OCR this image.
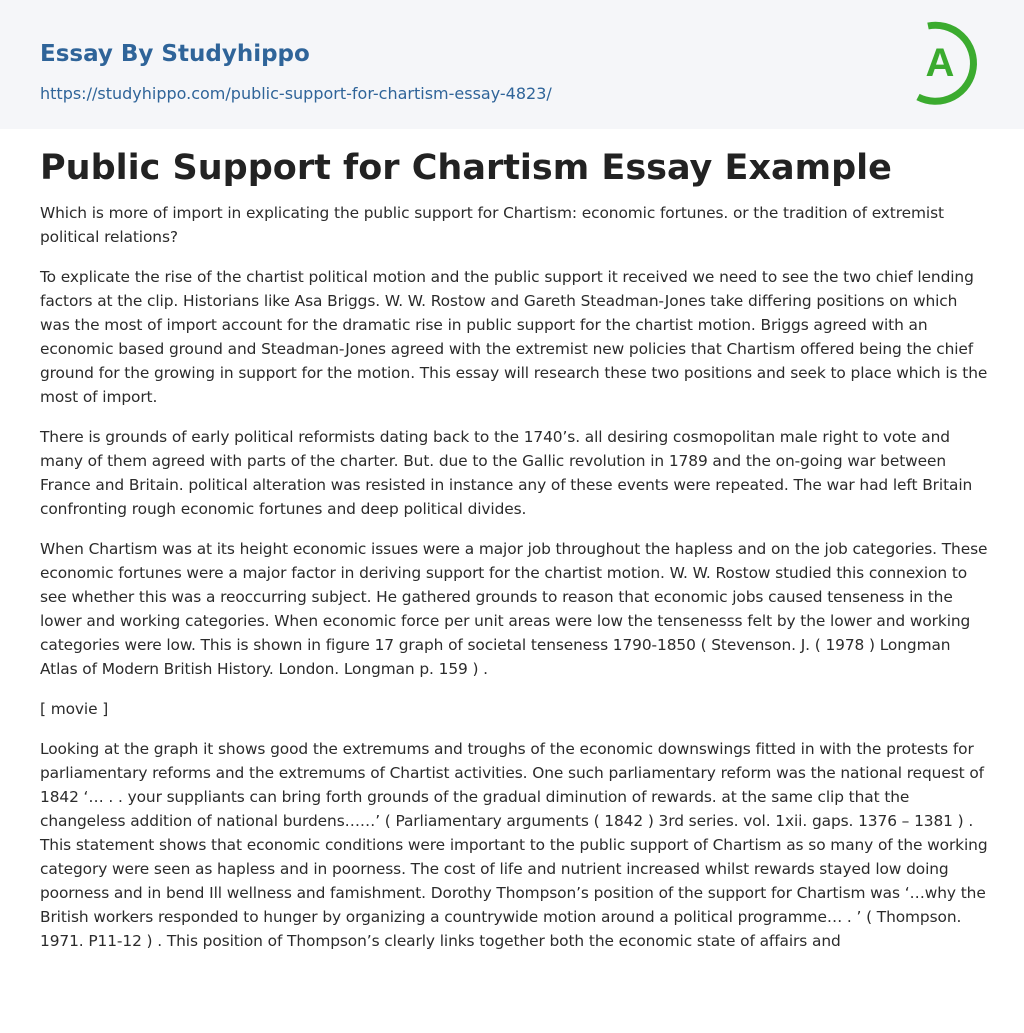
Essay By Studyhippo
https://studyhippo.com/public-support-for-chartism-essay-4823/
A
Public Support for Chartism Essay Example

Which is more of import in explicating the public support for Chartism: economic fortunes. or the tradition of extremist political relations?

To explicate the rise of the chartist political motion and the public support it received we need to see the two chief lending factors at the clip. Historians like Asa Briggs. W. W. Rostow and Gareth Steadman-Jones take differing positions on which was the most of import account for the dramatic rise in public support for the chartist motion. Briggs agreed with an economic based ground and Steadman-Jones agreed with the extremist new policies that Chartism offered being the chief ground for the growing in support for the motion. This essay will research these two positions and seek to place which is the most of import.

There is grounds of early political reformists dating back to the 1740’s. all desiring cosmopolitan male right to vote and many of them agreed with parts of the charter. But. due to the Gallic revolution in 1789 and the on-going war between France and Britain. political alteration was resisted in instance any of these events were repeated. The war had left Britain confronting rough economic fortunes and deep political divides.

When Chartism was at its height economic issues were a major job throughout the hapless and on the job categories. These economic fortunes were a major factor in deriving support for the chartist motion. W. W. Rostow studied this connexion to see whether this was a reoccurring subject. He gathered grounds to reason that economic jobs caused tenseness in the lower and working categories. When economic force per unit areas were low the tensenesss felt by the lower and working categories were low. This is shown in figure 17 graph of societal tenseness 1790-1850 ( Stevenson. J. ( 1978 ) Longman Atlas of Modern British History. London. Longman p. 159 ) .

[ movie ]

Looking at the graph it shows good the extremums and troughs of the economic downswings fitted in with the protests for parliamentary reforms and the extremums of Chartist activities. One such parliamentary reform was the national request of 1842 ‘… . . your suppliants can bring forth grounds of the gradual diminution of rewards. at the same clip that the changeless addition of national burdens……’ ( Parliamentary arguments ( 1842 ) 3rd series. vol. 1xii. gaps. 1376 – 1381 ) . This statement shows that economic conditions were important to the public support of Chartism as so many of the working category were seen as hapless and in poorness. The cost of life and nutrient increased whilst rewards stayed low doing poorness and in bend Ill wellness and famishment. Dorothy Thompson’s position of the support for Chartism was ‘…why the British workers responded to hunger by organizing a countrywide motion around a political programme… . ’ ( Thompson. 1971. P11-12 ) . This position of Thompson’s clearly links together both the economic state of affairs and
